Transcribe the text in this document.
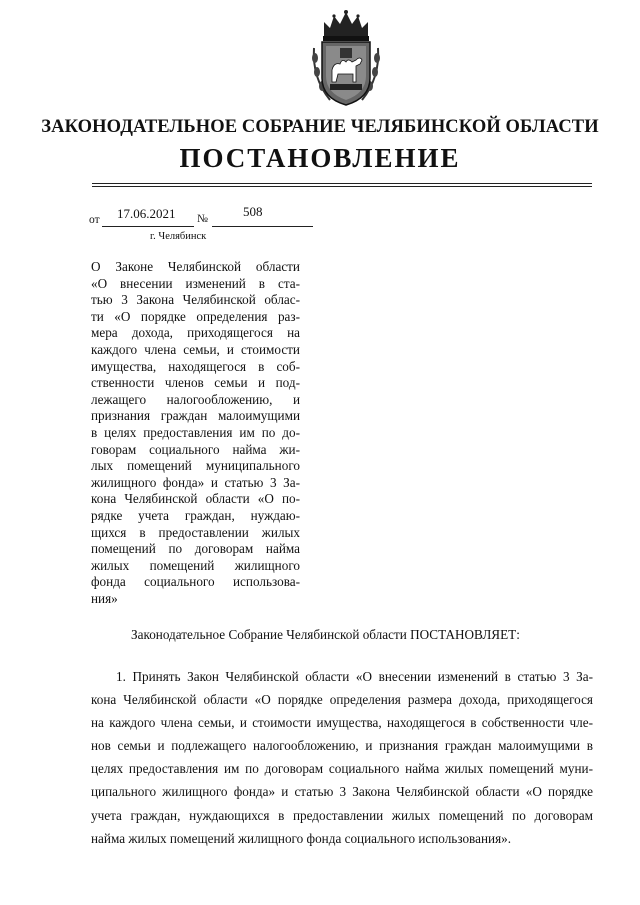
ЗАКОНОДАТЕЛЬНОЕ СОБРАНИЕ ЧЕЛЯБИНСКОЙ ОБЛАСТИ
ПОСТАНОВЛЕНИЕ
от 17.06.2021 №	508
г. Челябинск
О Законе Челябинской области
«О внесении изменений в ста-
тью 3 Закона Челябинской облас-
ти «О порядке определения раз-
мера дохода, приходящегося на
каждого члена семьи, и стоимости
имущества, находящегося в соб-
ственности членов семьи и под-
лежащего налогообложению, и
признания граждан малоимущими
в целях предоставления им по до-
говорам социального найма жи-
лых помещений муниципального
жилищного фонда» и статью 3 За-
кона Челябинской области «О по-
рядке учета граждан, нуждаю-
щихся в предоставлении жилых
помещений по договорам найма
жилых помещений жилищного
фонда социального использова-
ния»
Законодательное Собрание Челябинской области ПОСТАНОВЛЯЕТ:
1. Принять Закон Челябинской области «О внесении изменений в статью 3 За-
кона Челябинской области «О порядке определения размера дохода, приходящегося
на каждого члена семьи, и стоимости имущества, находящегося в собственности чле-
нов семьи и подлежащего налогообложению, и признания граждан малоимущими в
целях предоставления им по договорам социального найма жилых помещений муни-
ципального жилищного фонда» и статью 3 Закона Челябинской области «О порядке
учета граждан, нуждающихся в предоставлении жилых помещений по договорам
найма жилых помещений жилищного фонда социального использования».
